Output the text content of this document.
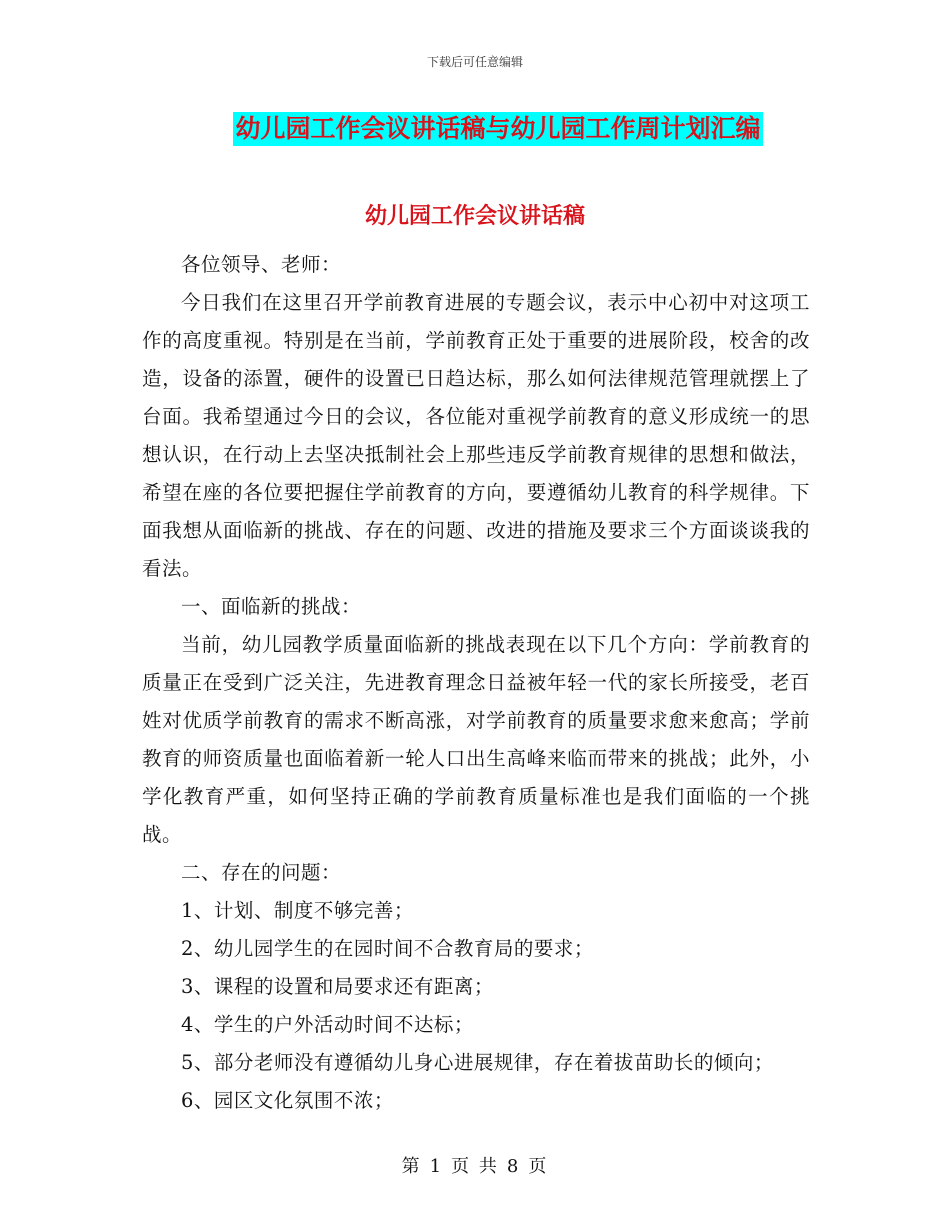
下载后可任意编辑
幼儿园工作会议讲话稿与幼儿园工作周计划汇编
幼儿园工作会议讲话稿

各位领导、老师：

今日我们在这里召开学前教育进展的专题会议，表示中心初中对这项工作的高度重视。特别是在当前，学前教育正处于重要的进展阶段，校舍的改造，设备的添置，硬件的设置已日趋达标，那么如何法律规范管理就摆上了台面。我希望通过今日的会议，各位能对重视学前教育的意义形成统一的思想认识，在行动上去坚决抵制社会上那些违反学前教育规律的思想和做法，希望在座的各位要把握住学前教育的方向，要遵循幼儿教育的科学规律。下面我想从面临新的挑战、存在的问题、改进的措施及要求三个方面谈谈我的看法。

一、面临新的挑战：

当前，幼儿园教学质量面临新的挑战表现在以下几个方向：学前教育的质量正在受到广泛关注，先进教育理念日益被年轻一代的家长所接受，老百姓对优质学前教育的需求不断高涨，对学前教育的质量要求愈来愈高；学前教育的师资质量也面临着新一轮人口出生高峰来临而带来的挑战；此外，小学化教育严重，如何坚持正确的学前教育质量标准也是我们面临的一个挑战。

二、存在的问题：

1、计划、制度不够完善；

2、幼儿园学生的在园时间不合教育局的要求；

3、课程的设置和局要求还有距离；

4、学生的户外活动时间不达标；

5、部分老师没有遵循幼儿身心进展规律，存在着拔苗助长的倾向；

6、园区文化氛围不浓；

第 1 页 共 8 页
